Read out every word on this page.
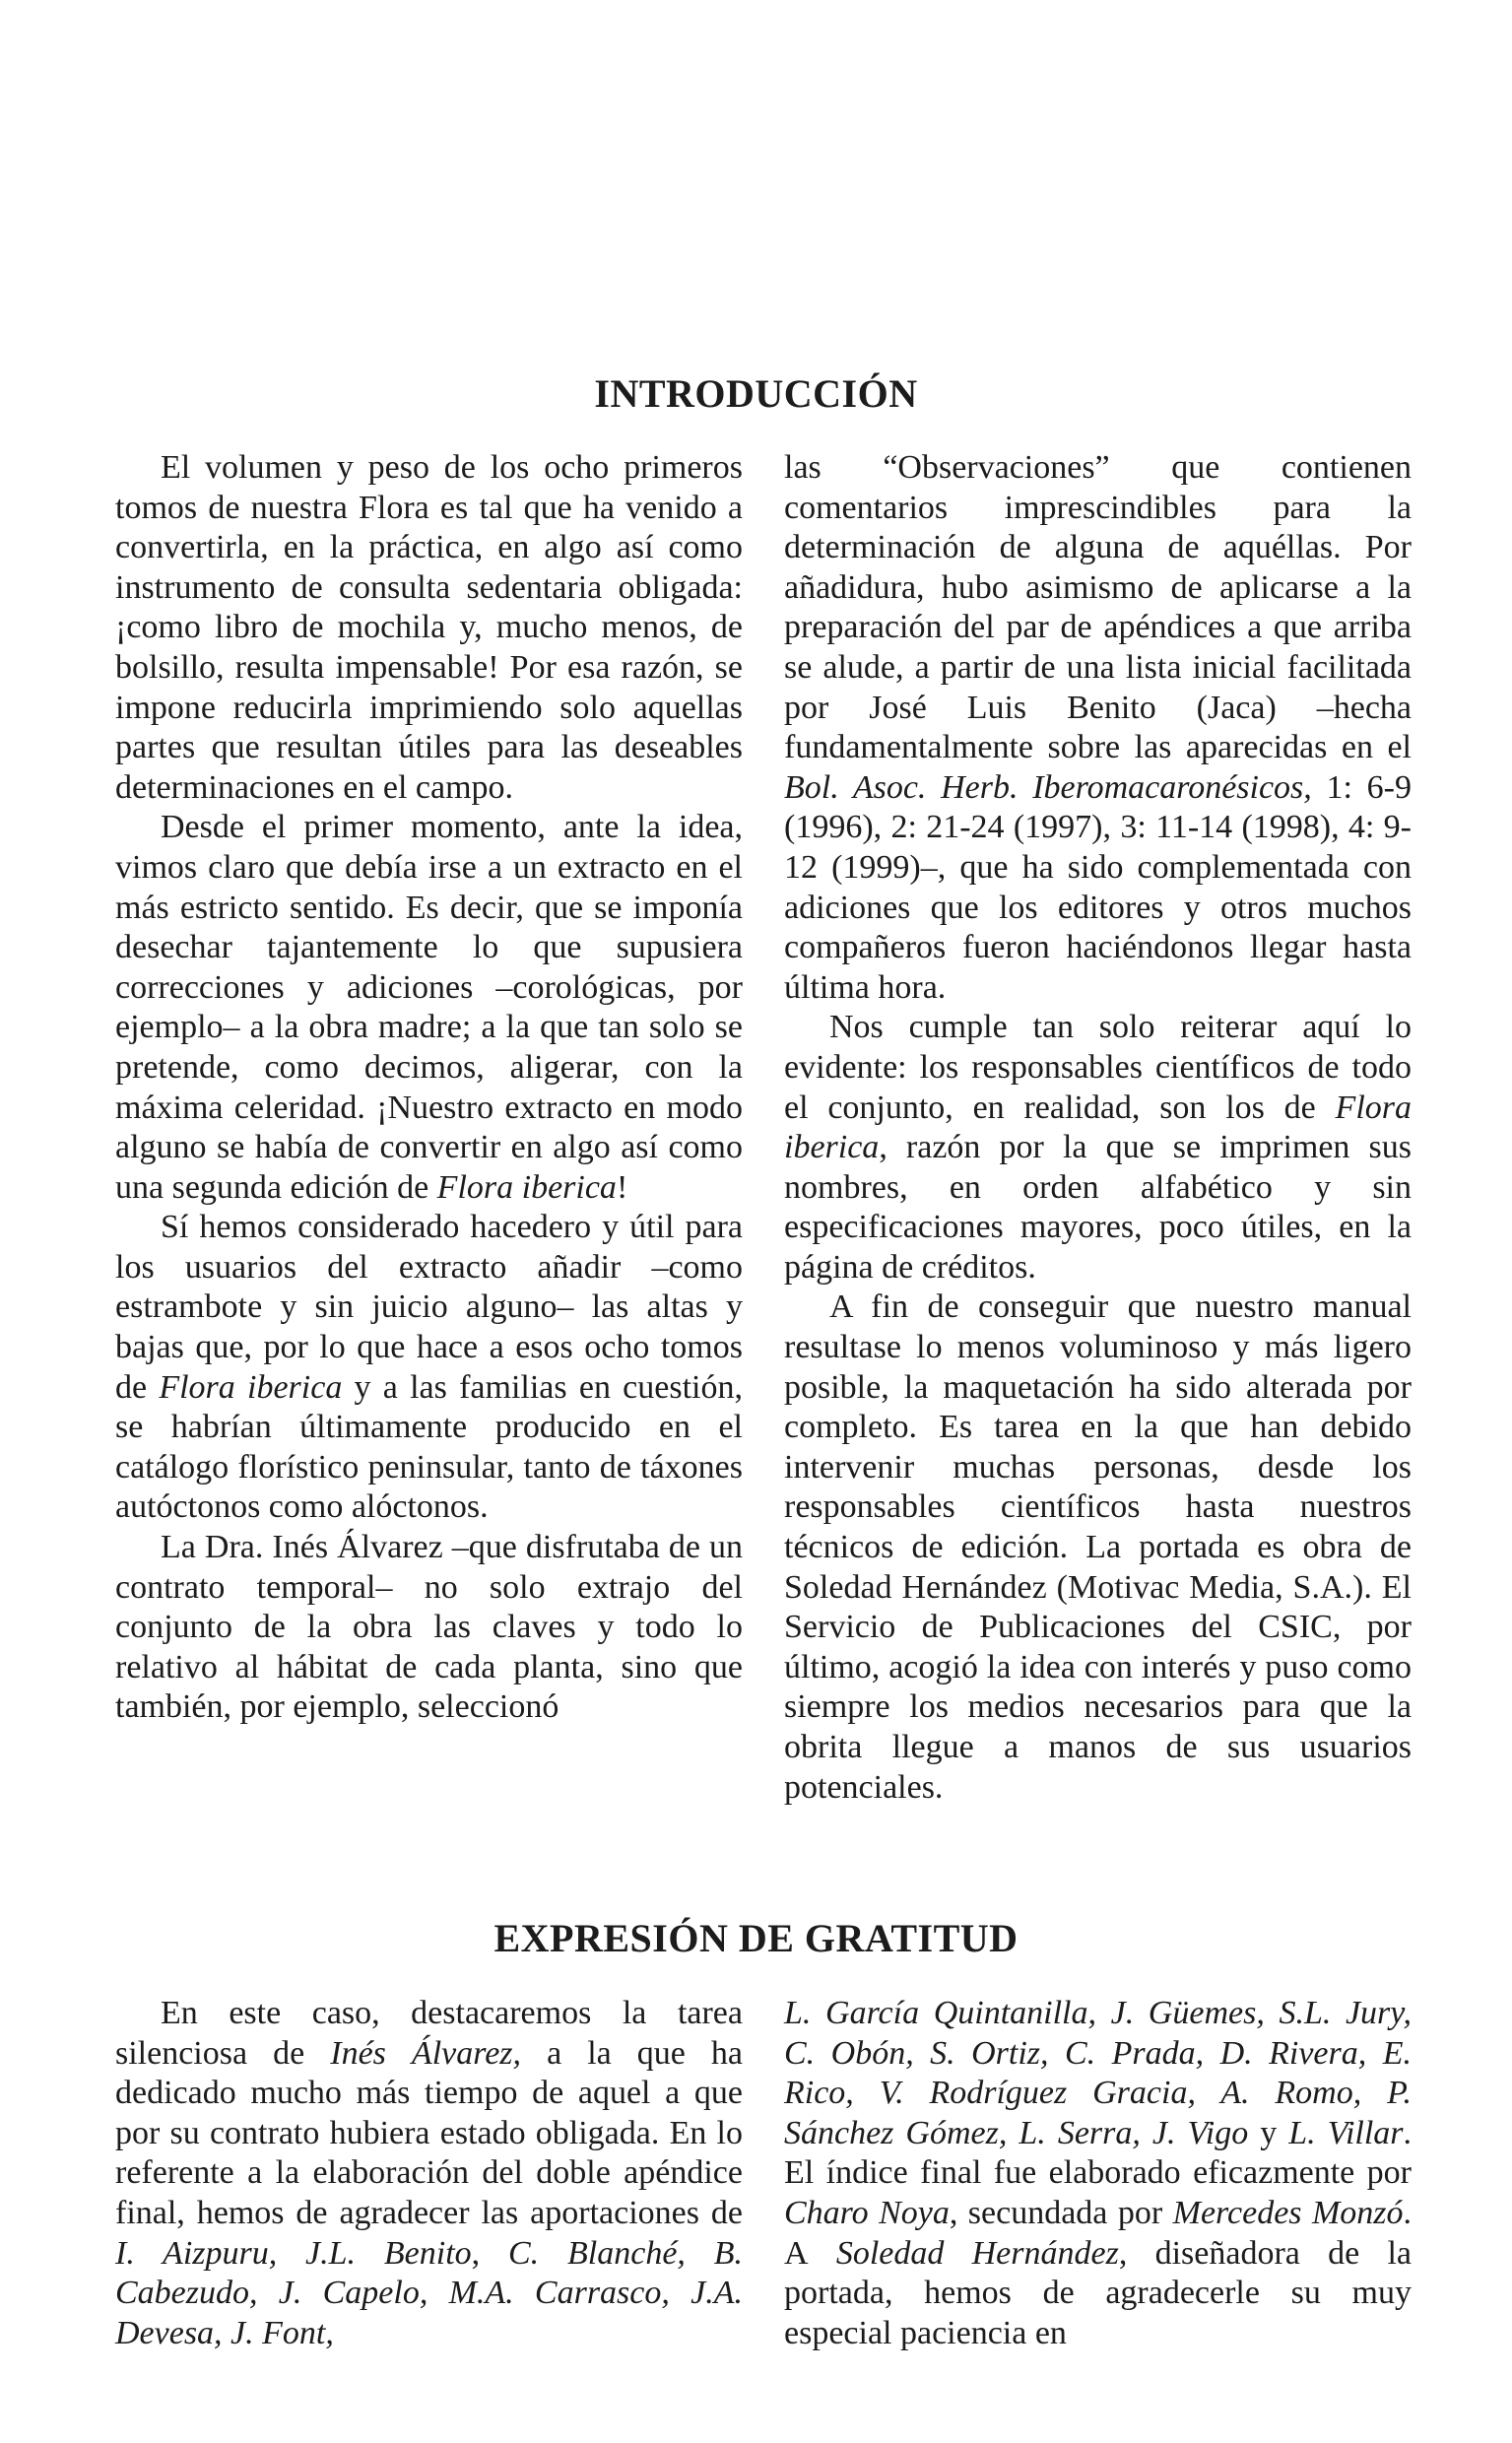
INTRODUCCIÓN

El volumen y peso de los ocho primeros tomos de nuestra Flora es tal que ha venido a convertirla, en la práctica, en algo así como instrumento de consulta sedentaria obligada: ¡como libro de mochila y, mucho menos, de bolsillo, resulta impensable! Por esa razón, se impone reducirla imprimiendo solo aquellas partes que resultan útiles para las deseables determinaciones en el campo.

Desde el primer momento, ante la idea, vimos claro que debía irse a un extracto en el más estricto sentido. Es decir, que se imponía desechar tajantemente lo que supusiera correcciones y adiciones –corológicas, por ejemplo– a la obra madre; a la que tan solo se pretende, como decimos, aligerar, con la máxima celeridad. ¡Nuestro extracto en modo alguno se había de convertir en algo así como una segunda edición de Flora iberica!

Sí hemos considerado hacedero y útil para los usuarios del extracto añadir –como estrambote y sin juicio alguno– las altas y bajas que, por lo que hace a esos ocho tomos de Flora iberica y a las familias en cuestión, se habrían últimamente producido en el catálogo florístico peninsular, tanto de táxones autóctonos como alóctonos.

La Dra. Inés Álvarez –que disfrutaba de un contrato temporal– no solo extrajo del conjunto de la obra las claves y todo lo relativo al hábitat de cada planta, sino que también, por ejemplo, seleccionó

las “Observaciones” que contienen comentarios imprescindibles para la determinación de alguna de aquéllas. Por añadidura, hubo asimismo de aplicarse a la preparación del par de apéndices a que arriba se alude, a partir de una lista inicial facilitada por José Luis Benito (Jaca) –hecha fundamentalmente sobre las aparecidas en el Bol. Asoc. Herb. Iberomacaronésicos, 1: 6-9 (1996), 2: 21-24 (1997), 3: 11-14 (1998), 4: 9-12 (1999)–, que ha sido complementada con adiciones que los editores y otros muchos compañeros fueron haciéndonos llegar hasta última hora.

Nos cumple tan solo reiterar aquí lo evidente: los responsables científicos de todo el conjunto, en realidad, son los de Flora iberica, razón por la que se imprimen sus nombres, en orden alfabético y sin especificaciones mayores, poco útiles, en la página de créditos.

A fin de conseguir que nuestro manual resultase lo menos voluminoso y más ligero posible, la maquetación ha sido alterada por completo. Es tarea en la que han debido intervenir muchas personas, desde los responsables científicos hasta nuestros técnicos de edición. La portada es obra de Soledad Hernández (Motivac Media, S.A.). El Servicio de Publicaciones del CSIC, por último, acogió la idea con interés y puso como siempre los medios necesarios para que la obrita llegue a manos de sus usuarios potenciales.

EXPRESIÓN DE GRATITUD

En este caso, destacaremos la tarea silenciosa de Inés Álvarez, a la que ha dedicado mucho más tiempo de aquel a que por su contrato hubiera estado obligada. En lo referente a la elaboración del doble apéndice final, hemos de agradecer las aportaciones de I. Aizpuru, J.L. Benito, C. Blanché, B. Cabezudo, J. Capelo, M.A. Carrasco, J.A. Devesa, J. Font,

L. García Quintanilla, J. Güemes, S.L. Jury, C. Obón, S. Ortiz, C. Prada, D. Rivera, E. Rico, V. Rodríguez Gracia, A. Romo, P. Sánchez Gómez, L. Serra, J. Vigo y L. Villar. El índice final fue elaborado eficazmente por Charo Noya, secundada por Mercedes Monzó. A Soledad Hernández, diseñadora de la portada, hemos de agradecerle su muy especial paciencia en
